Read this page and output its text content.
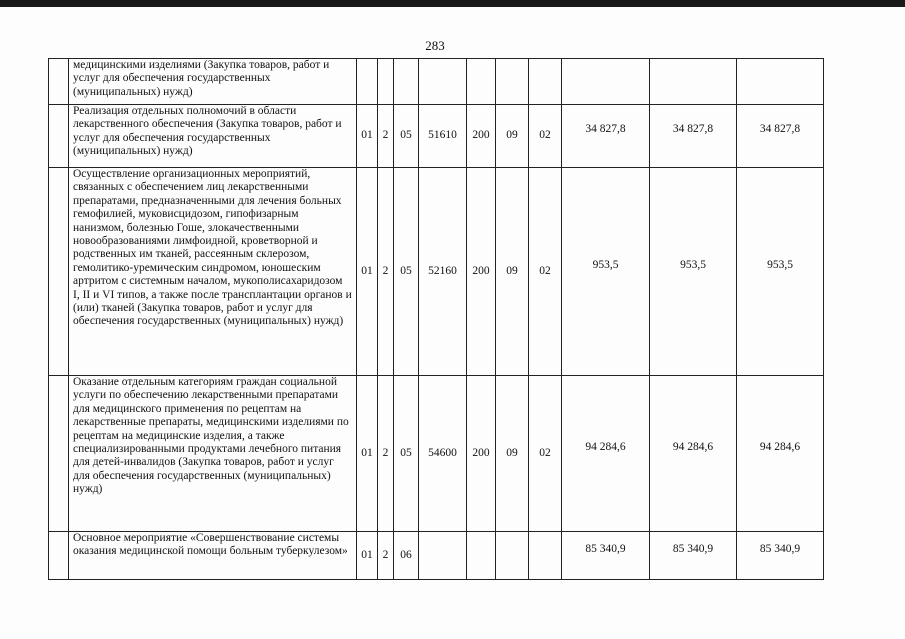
283
	медицинскими изделиями (Закупка товаров, работ и услуг для обеспечения государственных (муниципальных) нужд)										
	Реализация отдельных полномочий в области лекарственного обеспечения (Закупка товаров, работ и услуг для обеспечения государственных (муниципальных) нужд)	01	2	05	51610	200	09	02	34 827,8	34 827,8	34 827,8
	Осуществление организационных мероприятий, связанных с обеспечением лиц лекарственными препаратами, предназначенными для лечения больных гемофилией, муковисцидозом, гипофизарным нанизмом, болезнью Гоше, злокачественными новообразованиями лимфоидной, кроветворной и родственных им тканей, рассеянным склерозом, гемолитико-уремическим синдромом, юношеским артритом с системным началом, мукополисахаридозом I, II и VI типов, а также после трансплантации органов и (или) тканей (Закупка товаров, работ и услуг для обеспечения государственных (муниципальных) нужд)	01	2	05	52160	200	09	02	953,5	953,5	953,5
	Оказание отдельным категориям граждан социальной услуги по обеспечению лекарственными препаратами для медицинского применения по рецептам на лекарственные препараты, медицинскими изделиями по рецептам на медицинские изделия, а также специализированными продуктами лечебного питания для детей-инвалидов (Закупка товаров, работ и услуг для обеспечения государственных (муниципальных) нужд)	01	2	05	54600	200	09	02	94 284,6	94 284,6	94 284,6
	Основное мероприятие «Совершенствование системы оказания медицинской помощи больным туберкулезом»	01	2	06					85 340,9	85 340,9	85 340,9
